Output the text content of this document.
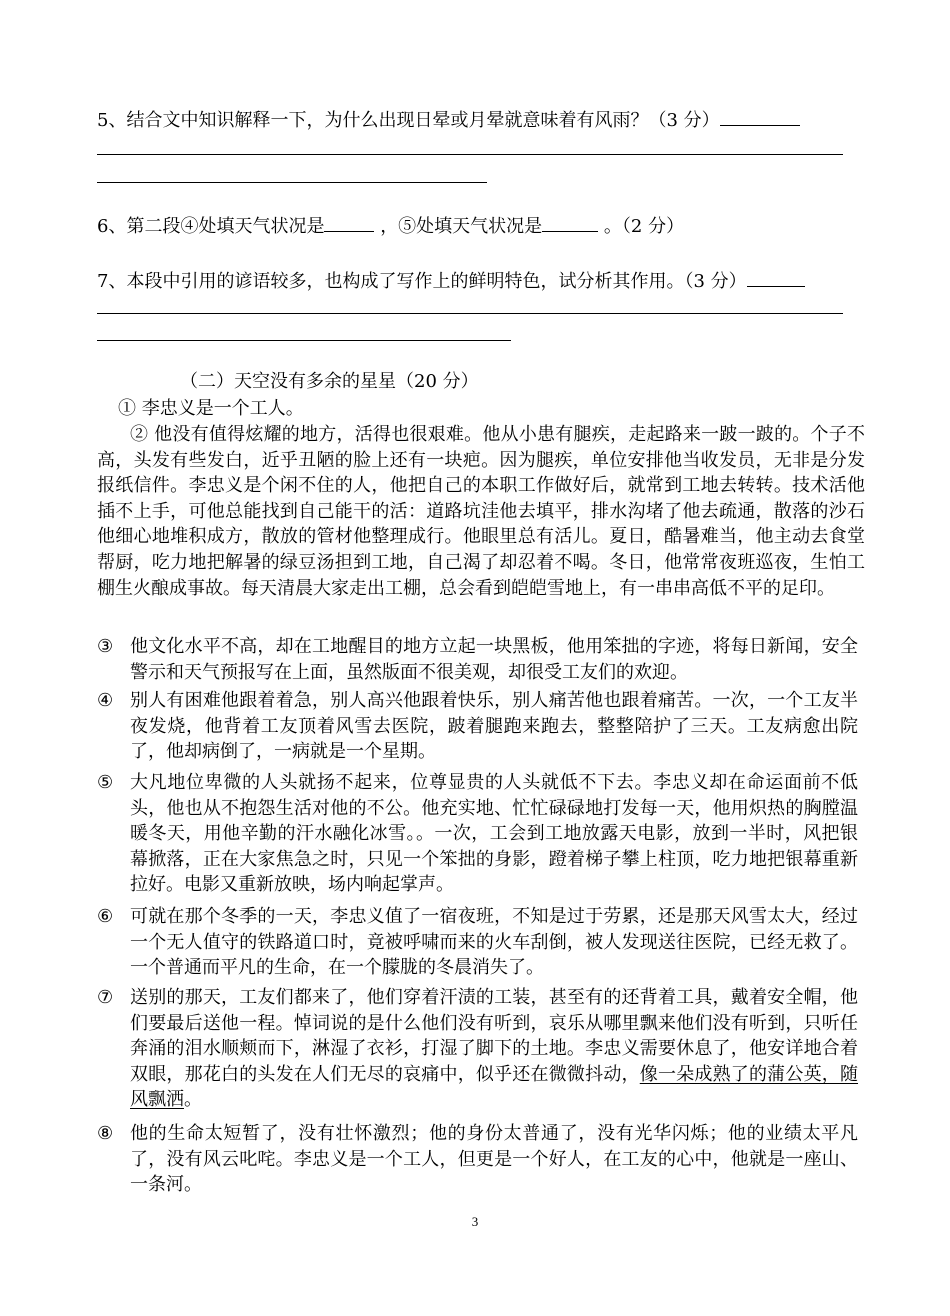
5、结合文中知识解释一下，为什么出现日晕或月晕就意味着有风雨？（3 分）
6、第二段④处填天气状况是	，⑤处填天气状况是	。（2 分）
7、本段中引用的谚语较多，也构成了写作上的鲜明特色，试分析其作用。（3 分）
（二）天空没有多余的星星（20 分）
① 李忠义是一个工人。
② 他没有值得炫耀的地方，活得也很艰难。他从小患有腿疾，走起路来一跛一跛的。个子不高，头发有些发白，近乎丑陋的脸上还有一块疤。因为腿疾，单位安排他当收发员，无非是分发报纸信件。李忠义是个闲不住的人，他把自己的本职工作做好后，就常到工地去转转。技术活他插不上手，可他总能找到自己能干的活：道路坑洼他去填平，排水沟堵了他去疏通，散落的沙石他细心地堆积成方，散放的管材他整理成行。他眼里总有活儿。夏日，酷暑难当，他主动去食堂帮厨，吃力地把解暑的绿豆汤担到工地，自己渴了却忍着不喝。冬日，他常常夜班巡夜，生怕工棚生火酿成事故。每天清晨大家走出工棚，总会看到皑皑雪地上，有一串串高低不平的足印。
③ 他文化水平不高，却在工地醒目的地方立起一块黑板，他用笨拙的字迹，将每日新闻，安全警示和天气预报写在上面，虽然版面不很美观，却很受工友们的欢迎。
④ 别人有困难他跟着着急，别人高兴他跟着快乐，别人痛苦他也跟着痛苦。一次，一个工友半夜发烧，他背着工友顶着风雪去医院，跛着腿跑来跑去，整整陪护了三天。工友病愈出院了，他却病倒了，一病就是一个星期。
⑤ 大凡地位卑微的人头就扬不起来，位尊显贵的人头就低不下去。李忠义却在命运面前不低头，他也从不抱怨生活对他的不公。他充实地、忙忙碌碌地打发每一天，他用炽热的胸膛温暖冬天，用他辛勤的汗水融化冰雪。。一次，工会到工地放露天电影，放到一半时，风把银幕掀落，正在大家焦急之时，只见一个笨拙的身影，蹬着梯子攀上柱顶，吃力地把银幕重新拉好。电影又重新放映，场内响起掌声。
⑥ 可就在那个冬季的一天，李忠义值了一宿夜班，不知是过于劳累，还是那天风雪太大，经过一个无人值守的铁路道口时，竟被呼啸而来的火车刮倒，被人发现送往医院，已经无救了。一个普通而平凡的生命，在一个朦胧的冬晨消失了。
⑦ 送别的那天，工友们都来了，他们穿着汗渍的工装，甚至有的还背着工具，戴着安全帽，他们要最后送他一程。悼词说的是什么他们没有听到，哀乐从哪里飘来他们没有听到，只听任奔涌的泪水顺颊而下，淋湿了衣衫，打湿了脚下的土地。李忠义需要休息了，他安详地合着双眼，那花白的头发在人们无尽的哀痛中，似乎还在微微抖动，像一朵成熟了的蒲公英，随风飘洒。
⑧ 他的生命太短暂了，没有壮怀激烈；他的身份太普通了，没有光华闪烁；他的业绩太平凡了，没有风云叱咤。李忠义是一个工人，但更是一个好人，在工友的心中，他就是一座山、一条河。
3
